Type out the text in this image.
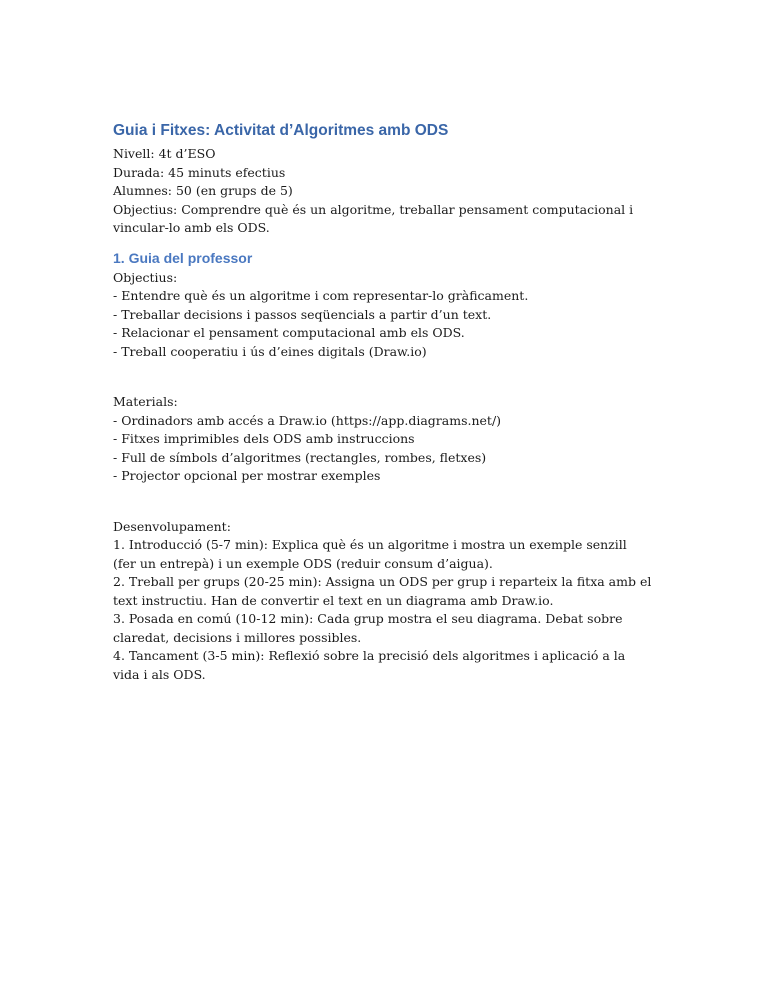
Guia i Fitxes: Activitat d’Algoritmes amb ODS

Nivell: 4t d’ESO

Durada: 45 minuts efectius

Alumnes: 50 (en grups de 5)

Objectius: Comprendre què és un algoritme, treballar pensament computacional i vincular-lo amb els ODS.

1. Guia del professor

Objectius:

- Entendre què és un algoritme i com representar-lo gràficament.

- Treballar decisions i passos seqüencials a partir d’un text.

- Relacionar el pensament computacional amb els ODS.

- Treball cooperatiu i ús d’eines digitals (Draw.io)

Materials:

- Ordinadors amb accés a Draw.io (https://app.diagrams.net/)

- Fitxes imprimibles dels ODS amb instruccions

- Full de símbols d’algoritmes (rectangles, rombes, fletxes)

- Projector opcional per mostrar exemples

Desenvolupament:

1. Introducció (5-7 min): Explica què és un algoritme i mostra un exemple senzill (fer un entrepà) i un exemple ODS (reduir consum d’aigua).

2. Treball per grups (20-25 min): Assigna un ODS per grup i reparteix la fitxa amb el text instructiu. Han de convertir el text en un diagrama amb Draw.io.

3. Posada en comú (10-12 min): Cada grup mostra el seu diagrama. Debat sobre claredat, decisions i millores possibles.

4. Tancament (3-5 min): Reflexió sobre la precisió dels algoritmes i aplicació a la vida i als ODS.
